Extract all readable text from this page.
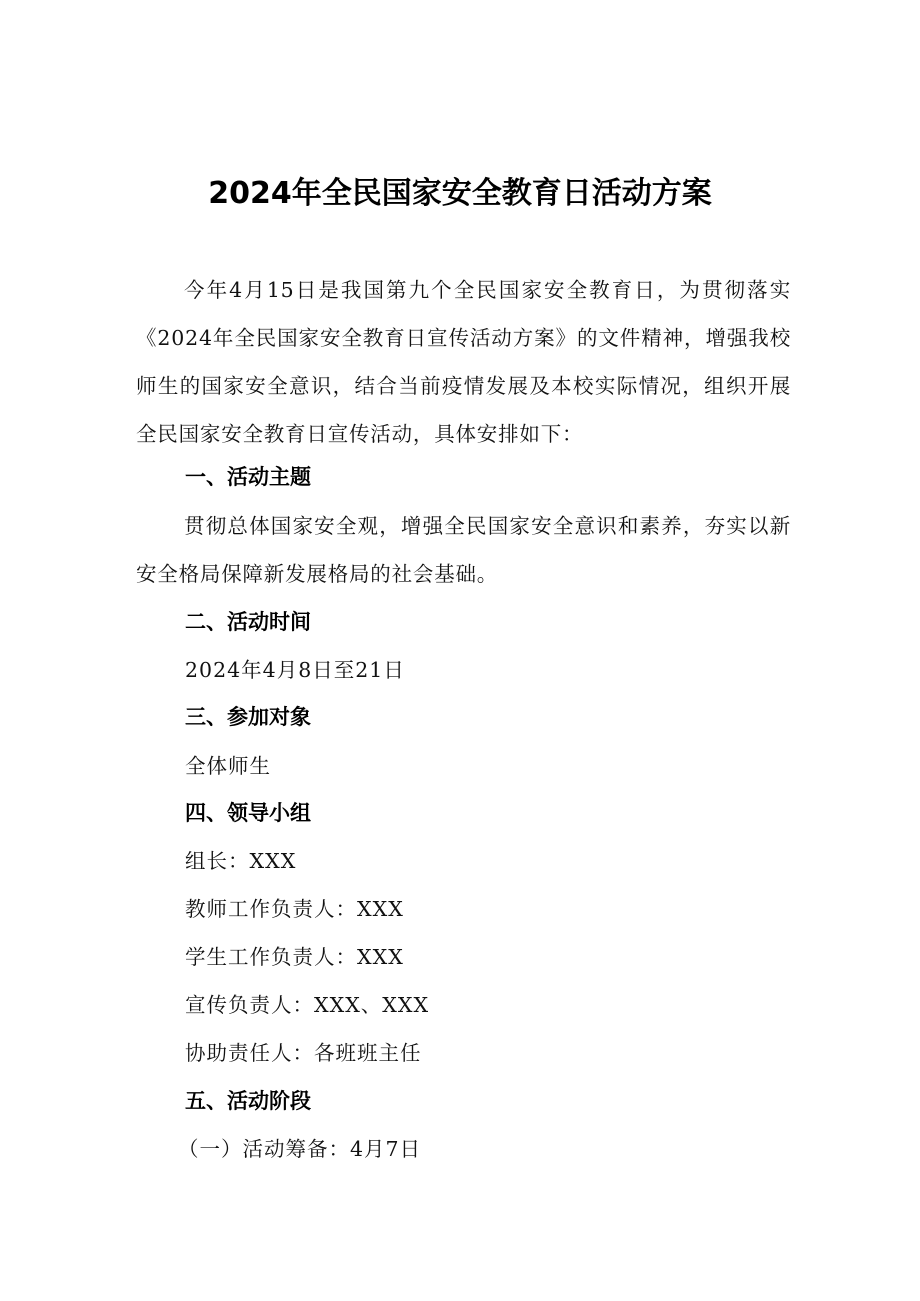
2024年全民国家安全教育日活动方案

今年4月15日是我国第九个全民国家安全教育日，为贯彻落实《2024年全民国家安全教育日宣传活动方案》的文件精神，增强我校师生的国家安全意识，结合当前疫情发展及本校实际情况，组织开展全民国家安全教育日宣传活动，具体安排如下：

一、活动主题

贯彻总体国家安全观，增强全民国家安全意识和素养，夯实以新安全格局保障新发展格局的社会基础。

二、活动时间

2024年4月8日至21日

三、参加对象

全体师生

四、领导小组

组长：XXX

教师工作负责人：XXX

学生工作负责人：XXX

宣传负责人：XXX、XXX

协助责任人：各班班主任

五、活动阶段

（一）活动筹备：4月7日
